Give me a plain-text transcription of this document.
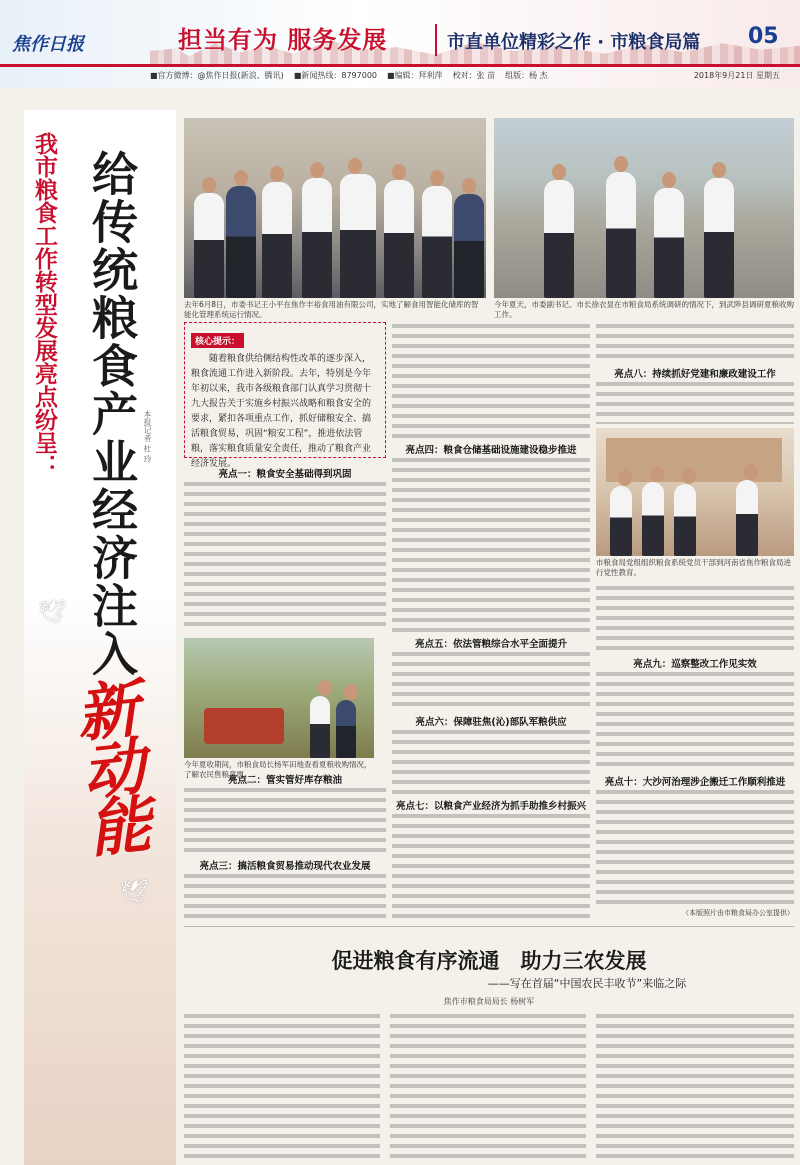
焦作日报	担当有为 服务发展	市直单位精彩之作 · 市粮食局篇 05
■官方微博：@焦作日报(新浪、腾讯) ■新闻热线：8797000 ■编辑：拜利萍 校对：张 苗 组版：杨 杰	2018年9月21日 星期五
我市粮食工作转型发展亮点纷呈： 给传统粮食产业经济注入 本报记者 杜 玲
🕊
🕊
新动能
去年6月8日，市委书记王小平在焦作丰裕食用油有限公司，实地了解食用智能化储库的智能化管理系统运行情况。
今年夏天，市委副书记、市长徐衣显在市粮食局系统调研的情况下，到武陟县调研夏粮收购工作。
今年夏收期间，市粮食局长杨军田地查看夏粮收购情况，了解农民售粮意愿。
市粮食局党组组织粮食系统党员干部到河南省焦作粮食局进行党性教育。
核心提示：

随着粮食供给侧结构性改革的逐步深入，粮食流通工作进入新阶段。去年，特别是今年年初以来，我市各级粮食部门认真学习贯彻十九大报告关于实施乡村振兴战略和粮食安全的要求，紧扣各项重点工作，抓好储粮安全、搞活粮食贸易，巩固“粮安工程”，推进依法管粮，落实粮食质量安全责任，推动了粮食产业经济发展。

亮点一：粮食安全基础得到巩固
亮点二：管实管好库存粮油
亮点三：搞活粮食贸易推动现代农业发展
亮点四：粮食仓储基础设施建设稳步推进
亮点五：依法管粮综合水平全面提升
亮点六：保障驻焦(沁)部队军粮供应
亮点七：以粮食产业经济为抓手助推乡村振兴
亮点八：持续抓好党建和廉政建设工作
亮点九：巡察整改工作见实效
亮点十：大沙河治理涉企搬迁工作顺利推进
（本版照片由市粮食局办公室提供）
促进粮食有序流通　助力三农发展
——写在首届“中国农民丰收节”来临之际
焦作市粮食局局长 杨树军
